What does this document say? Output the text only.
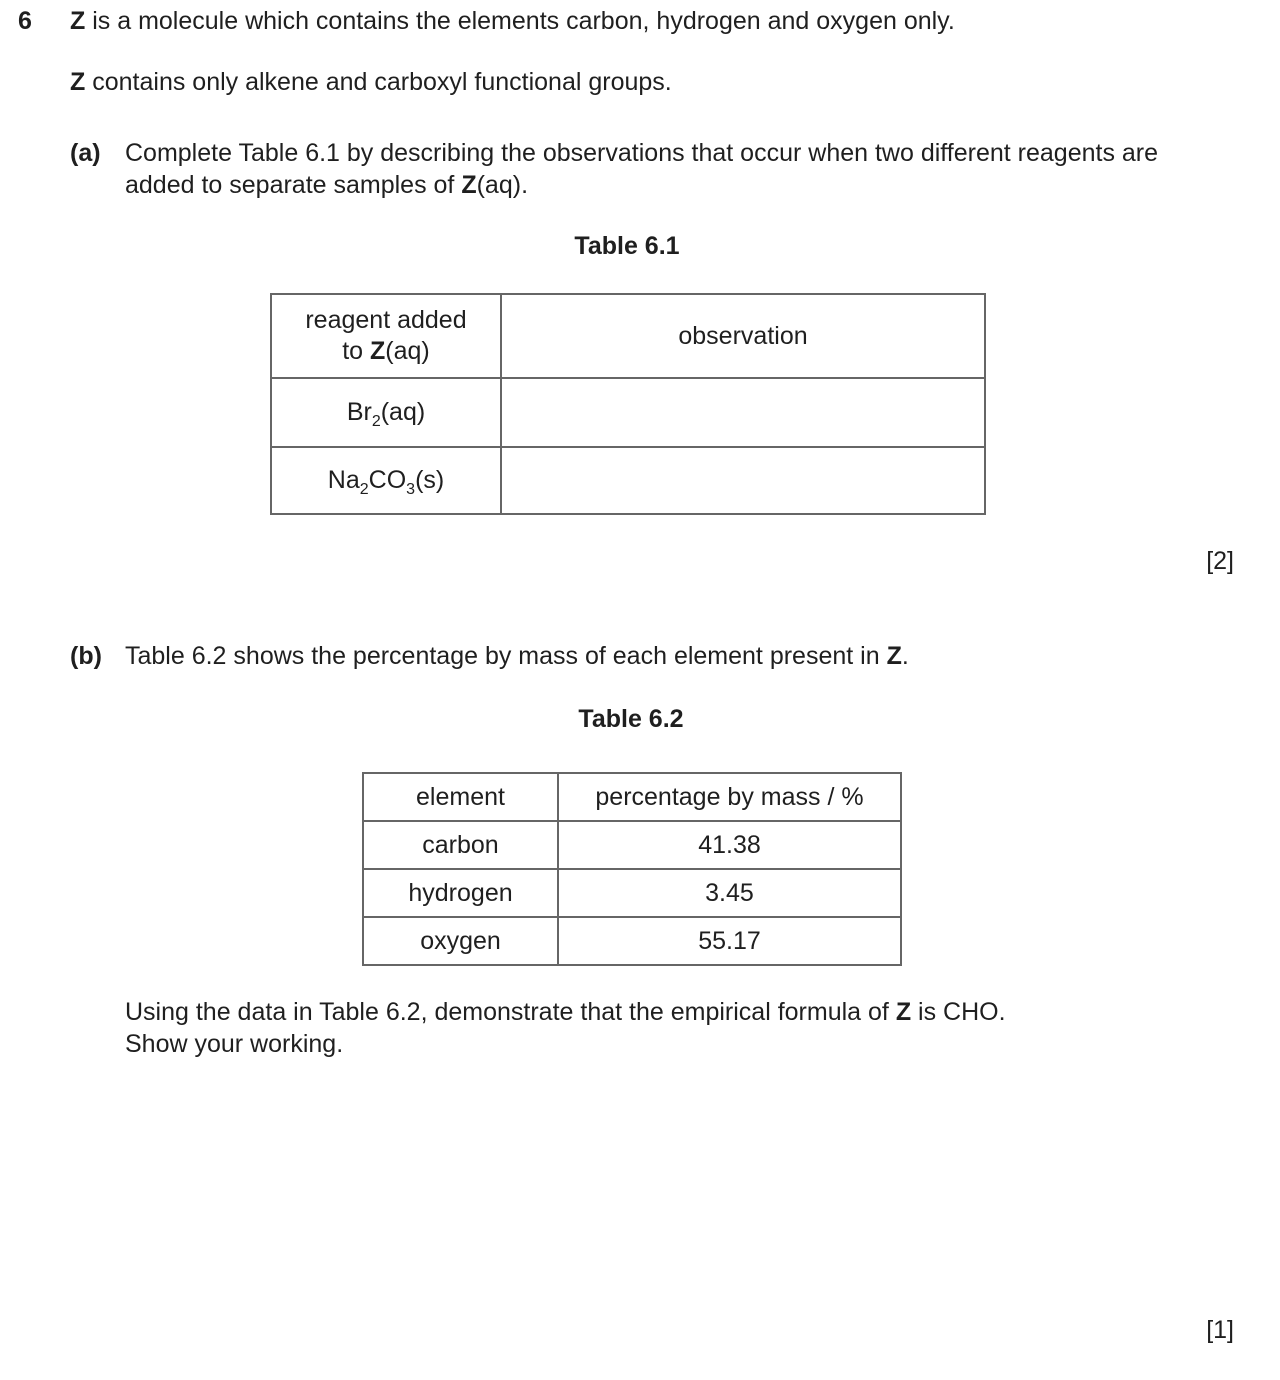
6 Z is a molecule which contains the elements carbon, hydrogen and oxygen only.
Z contains only alkene and carboxyl functional groups.
(a) Complete Table 6.1 by describing the observations that occur when two different reagents are
added to separate samples of Z(aq).
Table 6.1
reagent added
to Z(aq)	observation
$Br_2(aq)$	
$Na_2CO_3(s)$	
[2]
(b) Table 6.2 shows the percentage by mass of each element present in Z.
Table 6.2
element	percentage by mass / %
carbon	41.38
hydrogen	3.45
oxygen	55.17
Using the data in Table 6.2, demonstrate that the empirical formula of Z is CHO.
Show your working.
[1]
